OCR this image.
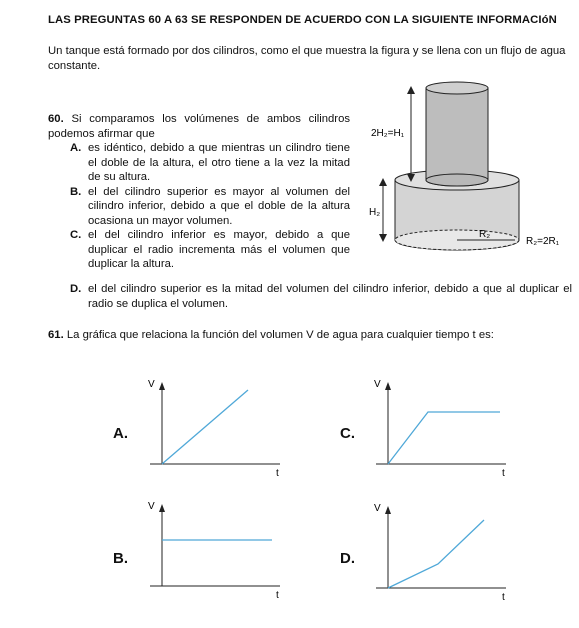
LAS PREGUNTAS 60 A 63 SE RESPONDEN DE ACUERDO CON LA SIGUIENTE INFORMACIóN
Un tanque está formado por dos cilindros, como el que muestra la figura y se llena con un flujo de agua constante.
60. Si comparamos los volúmenes de ambos cilindros podemos afirmar que
A. es idéntico, debido a que mientras un cilindro tiene el doble de la altura, el otro tiene a la vez la mitad de su altura.
B. el del cilindro superior es mayor al volumen del cilindro inferior, debido a que el doble de la altura ocasiona un mayor volumen.
C. el del cilindro inferior es mayor, debido a que duplicar el radio incrementa más el volumen que duplicar la altura.
D. el del cilindro superior es la mitad del volumen del cilindro inferior, debido a que al duplicar el radio se duplica el volumen.
2H₂=H₁
H₂
R₂
R₂=2R₁
61. La gráfica que relaciona la función del volumen V de agua para cualquier tiempo t es:
A.
V
t
C.
V
t
B.
V
t
D.
V
t
